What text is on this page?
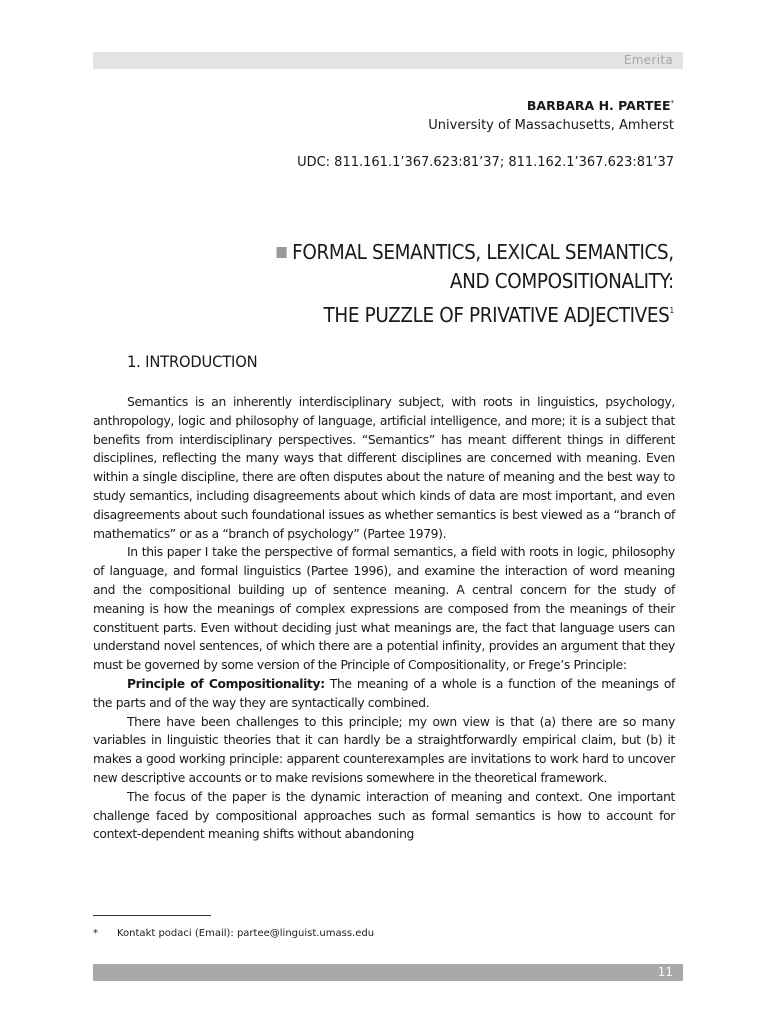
Emerita
BARBARA H. PARTEE*
University of Massachusetts, Amherst
UDC: 811.161.1’367.623:81’37; 811.162.1’367.623:81’37
FORMAL SEMANTICS, LEXICAL SEMANTICS,
AND COMPOSITIONALITY:
THE PUZZLE OF PRIVATIVE ADJECTIVES$^1$
1. INTRODUCTION

Semantics is an inherently interdisciplinary subject, with roots in linguistics, psychology, anthropology, logic and philosophy of language, artificial intelligence, and more; it is a subject that benefits from interdisciplinary perspectives. “Semantics” has meant different things in different disciplines, reflecting the many ways that different disciplines are concerned with meaning. Even within a single discipline, there are often disputes about the nature of meaning and the best way to study semantics, including disagreements about which kinds of data are most important, and even disagreements about such foundational issues as whether semantics is best viewed as a “branch of mathematics” or as a “branch of psychology” (Partee 1979).

In this paper I take the perspective of formal semantics, a field with roots in logic, philosophy of language, and formal linguistics (Partee 1996), and examine the interaction of word meaning and the compositional building up of sentence meaning. A central concern for the study of meaning is how the meanings of complex expressions are composed from the meanings of their constituent parts. Even without deciding just what meanings are, the fact that language users can understand novel sentences, of which there are a potential infinity, provides an argument that they must be governed by some version of the Principle of Compositionality, or Frege’s Principle:

Principle of Compositionality: The meaning of a whole is a function of the meanings of the parts and of the way they are syntactically combined.

There have been challenges to this principle; my own view is that (a) there are so many variables in linguistic theories that it can hardly be a straightforwardly empirical claim, but (b) it makes a good working principle: apparent counterexamples are invitations to work hard to uncover new descriptive accounts or to make revisions somewhere in the theoretical framework.

The focus of the paper is the dynamic interaction of meaning and context. One important challenge faced by compositional approaches such as formal semantics is how to account for context-dependent meaning shifts without abandoning

* Kontakt podaci (Email): partee@linguist.umass.edu
11
